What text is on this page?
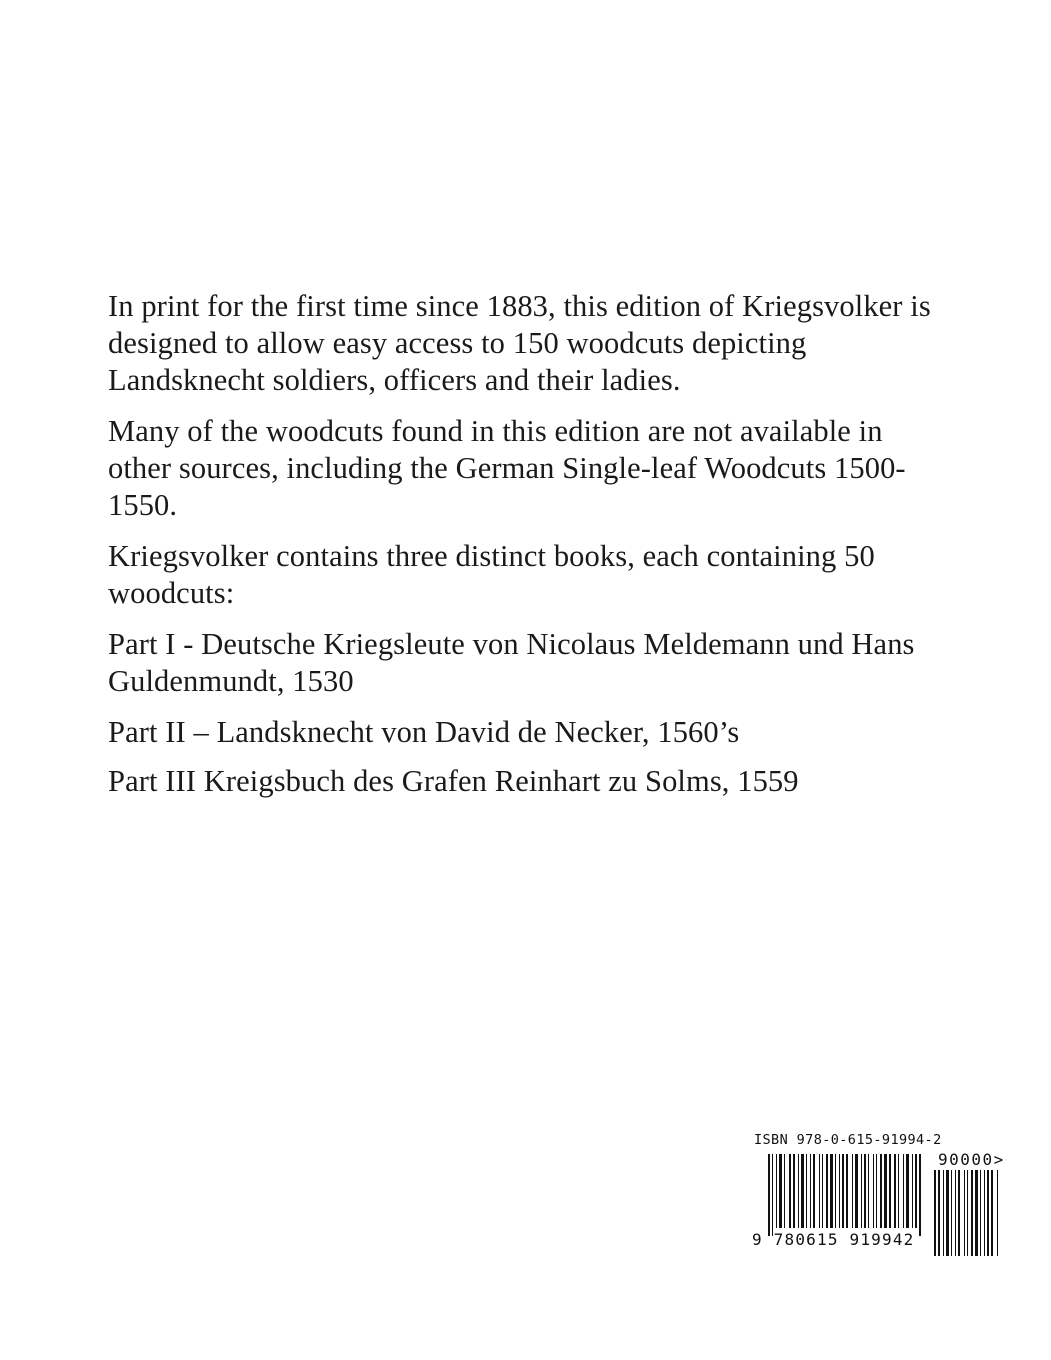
In print for the first time since 1883, this edition of Kriegsvolker is designed to allow easy access to 150 woodcuts depicting Landsknecht soldiers, officers and their ladies.

Many of the woodcuts found in this edition are not available in other sources, including the German Single-leaf Woodcuts 1500-1550.

Kriegsvolker contains three distinct books, each containing 50 woodcuts:

Part I - Deutsche Kriegsleute von Nicolaus Meldemann und Hans Guldenmundt, 1530

Part II – Landsknecht von David de Necker, 1560’s

Part III Kreigsbuch des Grafen Reinhart zu Solms, 1559

ISBN 978-0-615-91994-2
90000>
9 780615 919942
